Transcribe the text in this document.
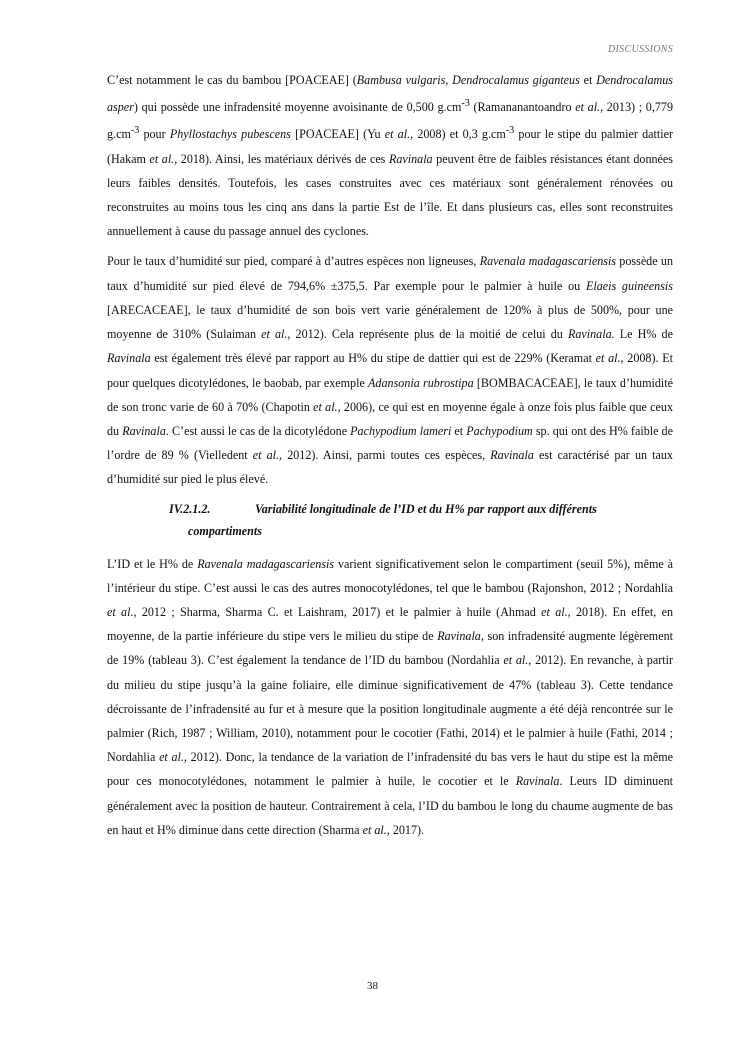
DISCUSSIONS

C’est notamment le cas du bambou [POACEAE] (Bambusa vulgaris, Dendrocalamus giganteus et Dendrocalamus asper) qui possède une infradensité moyenne avoisinante de 0,500 $g.cm^{-3}$ (Ramananantoandro et al., 2013) ; 0,779 $g.cm^{-3}$ pour Phyllostachys pubescens [POACEAE] (Yu et al., 2008) et 0,3 $g.cm^{-3}$ pour le stipe du palmier dattier (Hakam et al., 2018). Ainsi, les matériaux dérivés de ces Ravinala peuvent être de faibles résistances étant données leurs faibles densités. Toutefois, les cases construites avec ces matériaux sont généralement rénovées ou reconstruites au moins tous les cinq ans dans la partie Est de l’île. Et dans plusieurs cas, elles sont reconstruites annuellement à cause du passage annuel des cyclones.

Pour le taux d’humidité sur pied, comparé à d’autres espèces non ligneuses, Ravenala madagascariensis possède un taux d’humidité sur pied élevé de 794,6% ±375,5. Par exemple pour le palmier à huile ou Elaeis guineensis [ARECACEAE], le taux d’humidité de son bois vert varie généralement de 120% à plus de 500%, pour une moyenne de 310% (Sulaiman et al., 2012). Cela représente plus de la moitié de celui du Ravinala. Le H% de Ravinala est également très élevé par rapport au H% du stipe de dattier qui est de 229% (Keramat et al., 2008). Et pour quelques dicotylédones, le baobab, par exemple Adansonia rubrostipa [BOMBACACEAE], le taux d’humidité de son tronc varie de 60 à 70% (Chapotin et al., 2006), ce qui est en moyenne égale à onze fois plus faible que ceux du Ravinala. C’est aussi le cas de la dicotylédone Pachypodium lameri et Pachypodium sp. qui ont des H% faible de l’ordre de 89 % (Vielledent et al., 2012). Ainsi, parmi toutes ces espèces, Ravinala est caractérisé par un taux d’humidité sur pied le plus élevé.

IV.2.1.2.	Variabilité longitudinale de l’ID et du H% par rapport aux différents
compartiments

L’ID et le H% de Ravenala madagascariensis varient significativement selon le compartiment (seuil 5%), même à l’intérieur du stipe. C’est aussi le cas des autres monocotylédones, tel que le bambou (Rajonshon, 2012 ; Nordahlia et al., 2012 ; Sharma, Sharma C. et Laishram, 2017) et le palmier à huile (Ahmad et al., 2018). En effet, en moyenne, de la partie inférieure du stipe vers le milieu du stipe de Ravinala, son infradensité augmente légèrement de 19% (tableau 3). C’est également la tendance de l’ID du bambou (Nordahlia et al., 2012). En revanche, à partir du milieu du stipe jusqu’à la gaine foliaire, elle diminue significativement de 47% (tableau 3). Cette tendance décroissante de l’infradensité au fur et à mesure que la position longitudinale augmente a été déjà rencontrée sur le palmier (Rich, 1987 ; William, 2010), notamment pour le cocotier (Fathi, 2014) et le palmier à huile (Fathi, 2014 ; Nordahlia et al., 2012). Donc, la tendance de la variation de l’infradensité du bas vers le haut du stipe est la même pour ces monocotylédones, notamment le palmier à huile, le cocotier et le Ravinala. Leurs ID diminuent généralement avec la position de hauteur. Contrairement à cela, l’ID du bambou le long du chaume augmente de bas en haut et H% diminue dans cette direction (Sharma et al., 2017).

38
